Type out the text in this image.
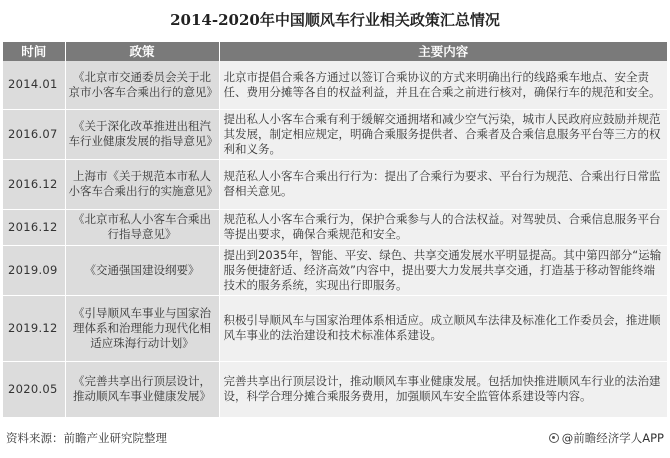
2014-2020年中国顺风车行业相关政策汇总情况
时间	政策	主要内容
2014.01	《北京市交通委员会关于北京市小客车合乘出行的意见》	北京市提倡合乘各方通过以签订合乘协议的方式来明确出行的线路乘车地点、安全责任、费用分摊等各自的权益利益，并且在合乘之前进行核对，确保行车的规范和安全。
2016.07	《关于深化改革推进出租汽车行业健康发展的指导意见》	提出私人小客车合乘有利于缓解交通拥堵和减少空气污染，城市人民政府应鼓励并规范其发展，制定相应规定，明确合乘服务提供者、合乘者及合乘信息服务平台等三方的权利和义务。
2016.12	上海市《关于规范本市私人小客车合乘出行的实施意见》	规范私人小客车合乘出行行为：提出了合乘行为要求、平台行为规范、合乘出行日常监督相关意见。
2016.12	《北京市私人小客车合乘出行指导意见》	规范私人小客车合乘行为，保护合乘参与人的合法权益。对驾驶员、合乘信息服务平台等提出要求，确保合乘规范和安全。
2019.09	《交通强国建设纲要》	提出到2035年，智能、平安、绿色、共享交通发展水平明显提高。其中第四部分“运输服务便捷舒适、经济高效”内容中，提出要大力发展共享交通，打造基于移动智能终端技术的服务系统，实现出行即服务。
2019.12	《引导顺风车事业与国家治理体系和治理能力现代化相适应珠海行动计划》	积极引导顺风车与国家治理体系相适应。成立顺风车法律及标准化工作委员会，推进顺风车事业的法治建设和技术标准体系建设。
2020.05	《完善共享出行顶层设计，推动顺风车事业健康发展》	完善共享出行顶层设计，推动顺风车事业健康发展。包括加快推进顺风车行业的法治建设，科学合理分摊合乘服务费用，加强顺风车安全监管体系建设等内容。
资料来源：前瞻产业研究院整理	@前瞻经济学人APP
